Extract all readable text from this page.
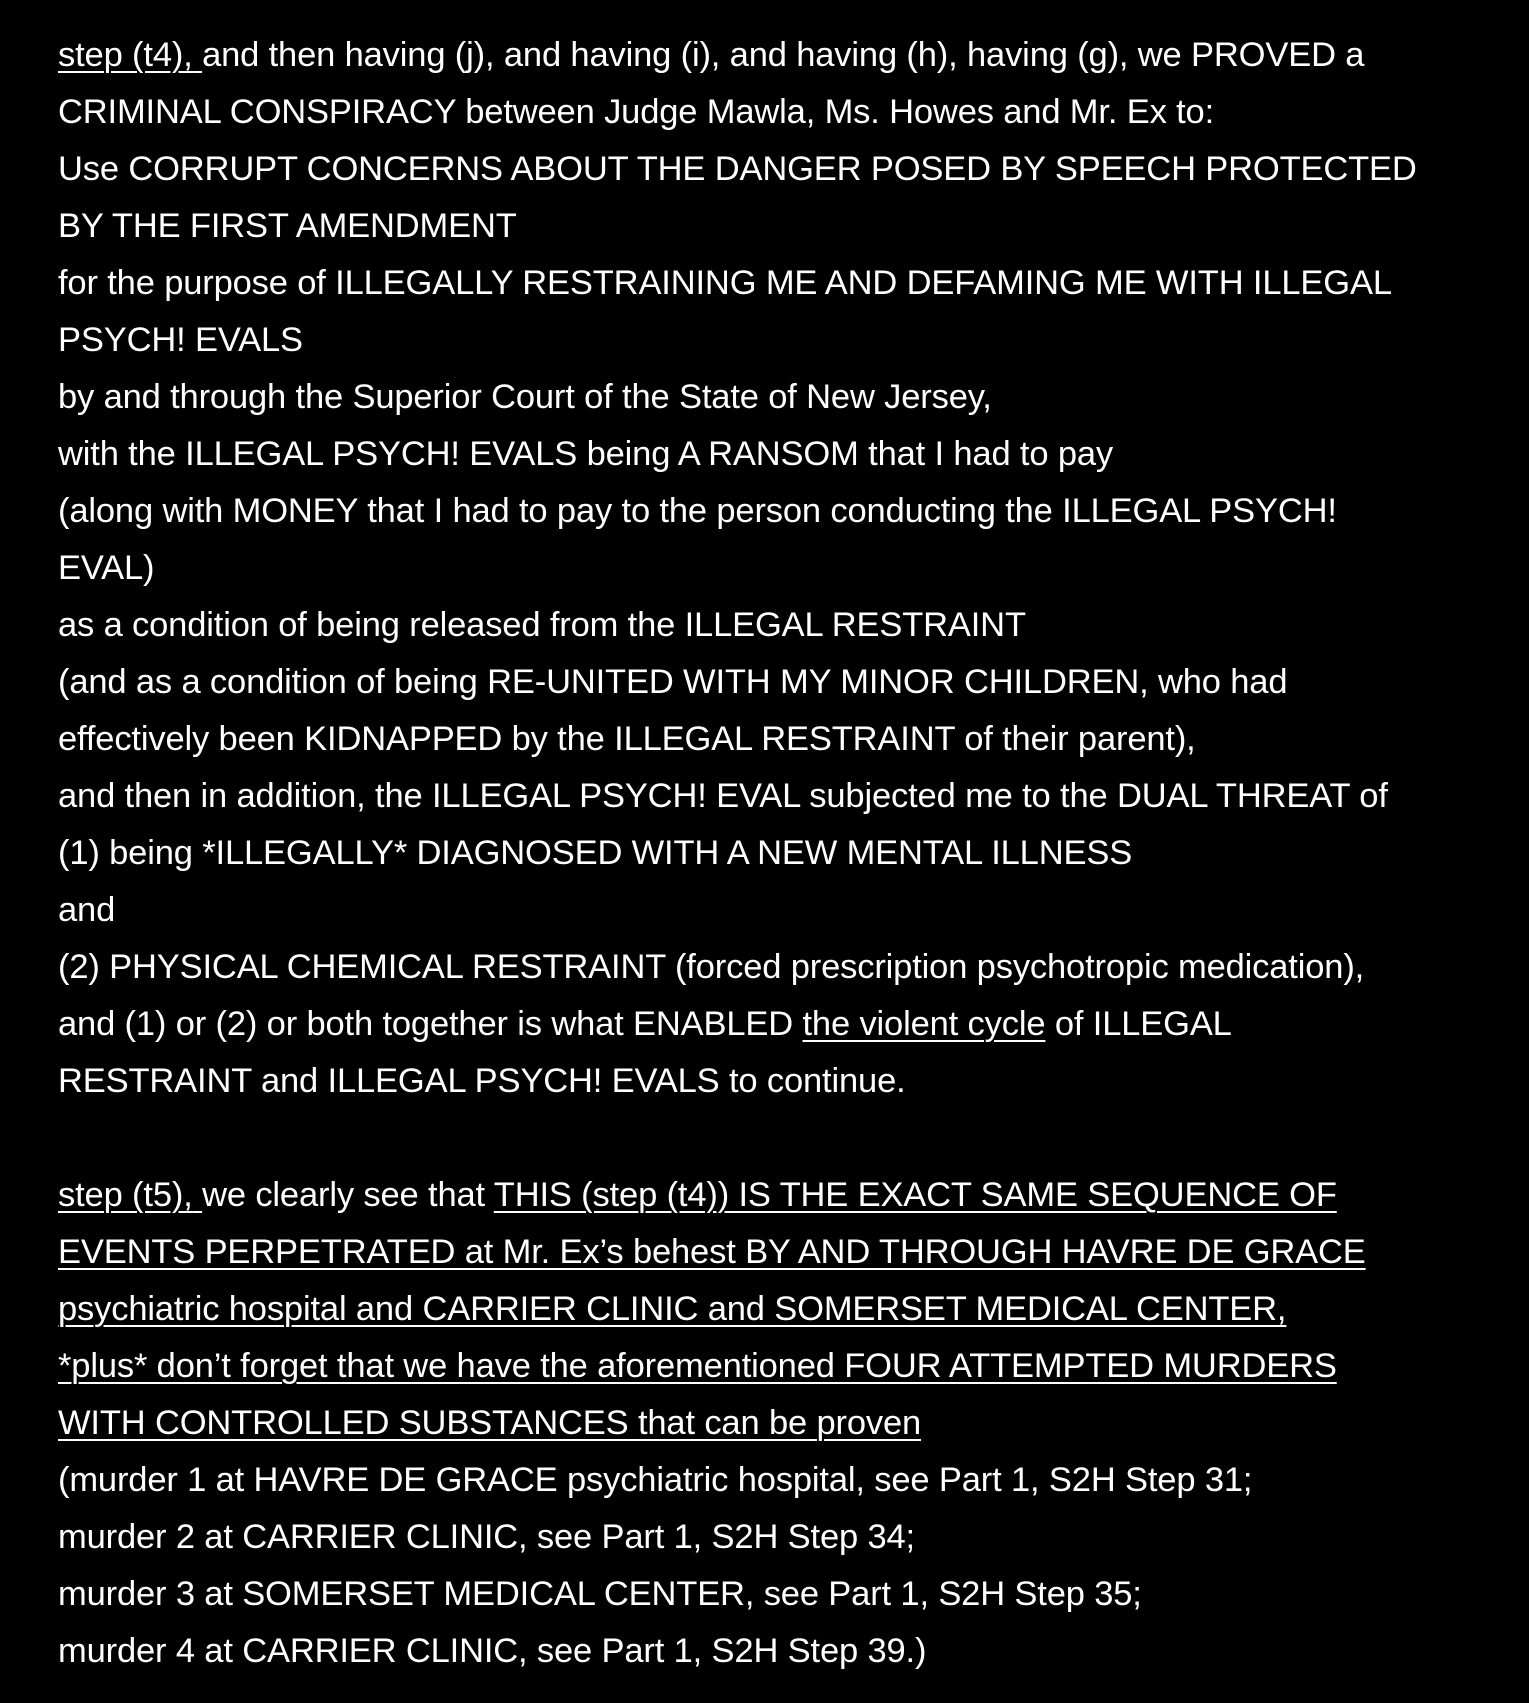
step (t4), and then having (j), and having (i), and having (h), having (g), we PROVED a
CRIMINAL CONSPIRACY between Judge Mawla, Ms. Howes and Mr. Ex to:
Use CORRUPT CONCERNS ABOUT THE DANGER POSED BY SPEECH PROTECTED
BY THE FIRST AMENDMENT
for the purpose of ILLEGALLY RESTRAINING ME AND DEFAMING ME WITH ILLEGAL
PSYCH! EVALS
by and through the Superior Court of the State of New Jersey,
with the ILLEGAL PSYCH! EVALS being A RANSOM that I had to pay
(along with MONEY that I had to pay to the person conducting the ILLEGAL PSYCH!
EVAL)
as a condition of being released from the ILLEGAL RESTRAINT
(and as a condition of being RE-UNITED WITH MY MINOR CHILDREN, who had
effectively been KIDNAPPED by the ILLEGAL RESTRAINT of their parent),
and then in addition, the ILLEGAL PSYCH! EVAL subjected me to the DUAL THREAT of
(1) being *ILLEGALLY* DIAGNOSED WITH A NEW MENTAL ILLNESS
and
(2) PHYSICAL CHEMICAL RESTRAINT (forced prescription psychotropic medication),
and (1) or (2) or both together is what ENABLED the violent cycle of ILLEGAL
RESTRAINT and ILLEGAL PSYCH! EVALS to continue.
step (t5), we clearly see that THIS (step (t4)) IS THE EXACT SAME SEQUENCE OF
EVENTS PERPETRATED at Mr. Ex’s behest BY AND THROUGH HAVRE DE GRACE
psychiatric hospital and CARRIER CLINIC and SOMERSET MEDICAL CENTER,
*plus* don’t forget that we have the aforementioned FOUR ATTEMPTED MURDERS
WITH CONTROLLED SUBSTANCES that can be proven
(murder 1 at HAVRE DE GRACE psychiatric hospital, see Part 1, S2H Step 31;
murder 2 at CARRIER CLINIC, see Part 1, S2H Step 34;
murder 3 at SOMERSET MEDICAL CENTER, see Part 1, S2H Step 35;
murder 4 at CARRIER CLINIC, see Part 1, S2H Step 39.)
